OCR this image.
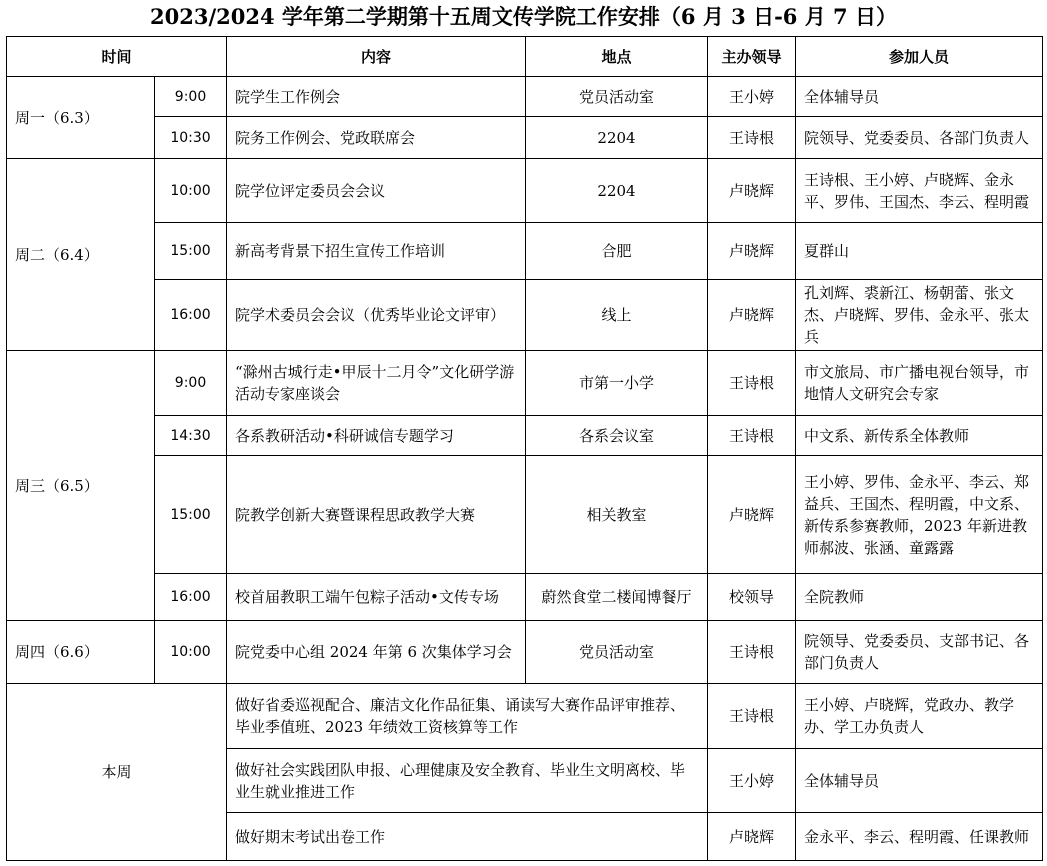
2023/2024 学年第二学期第十五周文传学院工作安排（6 月 3 日-6 月 7 日）
时间		内容	地点	主办领导	参加人员
周一（6.3）	9:00	院学生工作例会	党员活动室	王小婷	全体辅导员
	10:30	院务工作例会、党政联席会	2204	王诗根	院领导、党委委员、各部门负责人
周二（6.4）	10:00	院学位评定委员会会议	2204	卢晓辉	王诗根、王小婷、卢晓辉、金永平、罗伟、王国杰、李云、程明霞
	15:00	新高考背景下招生宣传工作培训	合肥	卢晓辉	夏群山
	16:00	院学术委员会会议（优秀毕业论文评审）	线上	卢晓辉	孔刘辉、裘新江、杨朝蕾、张文杰、卢晓辉、罗伟、金永平、张太兵
周三（6.5）	9:00	“滁州古城行走•甲辰十二月令”文化研学游活动专家座谈会	市第一小学	王诗根	市文旅局、市广播电视台领导，市地情人文研究会专家
	14:30	各系教研活动•科研诚信专题学习	各系会议室	王诗根	中文系、新传系全体教师
	15:00	院教学创新大赛暨课程思政教学大赛	相关教室	卢晓辉	王小婷、罗伟、金永平、李云、郑益兵、王国杰、程明霞，中文系、新传系参赛教师，2023 年新进教师郝波、张涵、童露露
	16:00	校首届教职工端午包粽子活动•文传专场	蔚然食堂二楼闻博餐厅	校领导	全院教师
周四（6.6）	10:00	院党委中心组 2024 年第 6 次集体学习会	党员活动室	王诗根	院领导、党委委员、支部书记、各部门负责人
本周		做好省委巡视配合、廉洁文化作品征集、诵读写大赛作品评审推荐、毕业季值班、2023 年绩效工资核算等工作		王诗根	王小婷、卢晓辉，党政办、教学办、学工办负责人
		做好社会实践团队申报、心理健康及安全教育、毕业生文明离校、毕业生就业推进工作		王小婷	全体辅导员
		做好期末考试出卷工作		卢晓辉	金永平、李云、程明霞、任课教师
